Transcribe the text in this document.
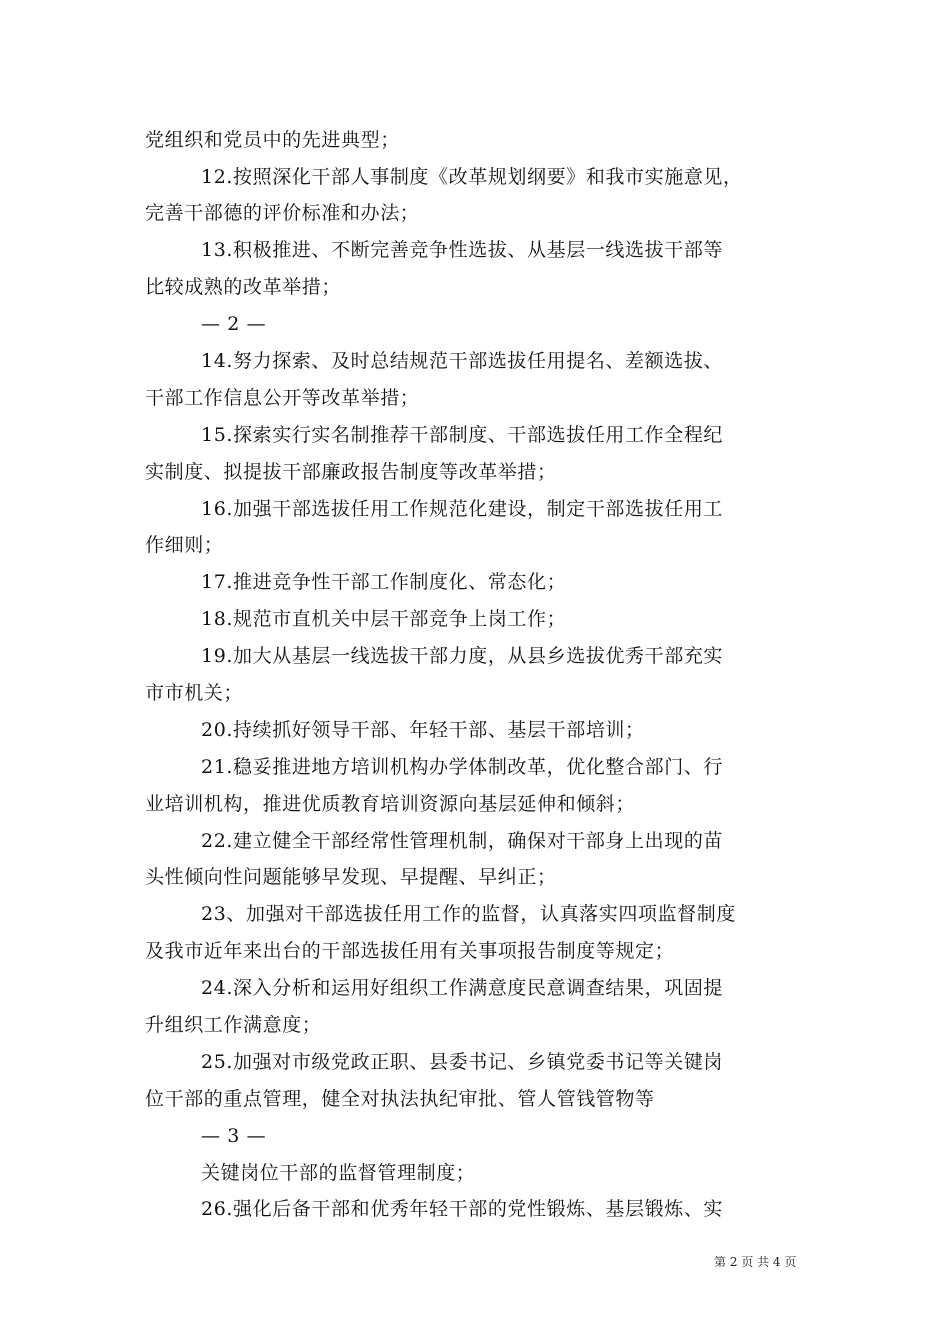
党组织和党员中的先进典型；
12.按照深化干部人事制度《改革规划纲要》和我市实施意见，
完善干部德的评价标准和办法；
13.积极推进、不断完善竞争性选拔、从基层一线选拔干部等
比较成熟的改革举措；
— 2 —
14.努力探索、及时总结规范干部选拔任用提名、差额选拔、
干部工作信息公开等改革举措；
15.探索实行实名制推荐干部制度、干部选拔任用工作全程纪
实制度、拟提拔干部廉政报告制度等改革举措；
16.加强干部选拔任用工作规范化建设，制定干部选拔任用工
作细则；
17.推进竞争性干部工作制度化、常态化；
18.规范市直机关中层干部竞争上岗工作；
19.加大从基层一线选拔干部力度，从县乡选拔优秀干部充实
市市机关；
20.持续抓好领导干部、年轻干部、基层干部培训；
21.稳妥推进地方培训机构办学体制改革，优化整合部门、行
业培训机构，推进优质教育培训资源向基层延伸和倾斜；
22.建立健全干部经常性管理机制，确保对干部身上出现的苗
头性倾向性问题能够早发现、早提醒、早纠正；
23、加强对干部选拔任用工作的监督，认真落实四项监督制度
及我市近年来出台的干部选拔任用有关事项报告制度等规定；
24.深入分析和运用好组织工作满意度民意调查结果，巩固提
升组织工作满意度；
25.加强对市级党政正职、县委书记、乡镇党委书记等关键岗
位干部的重点管理，健全对执法执纪审批、管人管钱管物等
— 3 —
关键岗位干部的监督管理制度；
26.强化后备干部和优秀年轻干部的党性锻炼、基层锻炼、实
第 2 页 共 4 页
